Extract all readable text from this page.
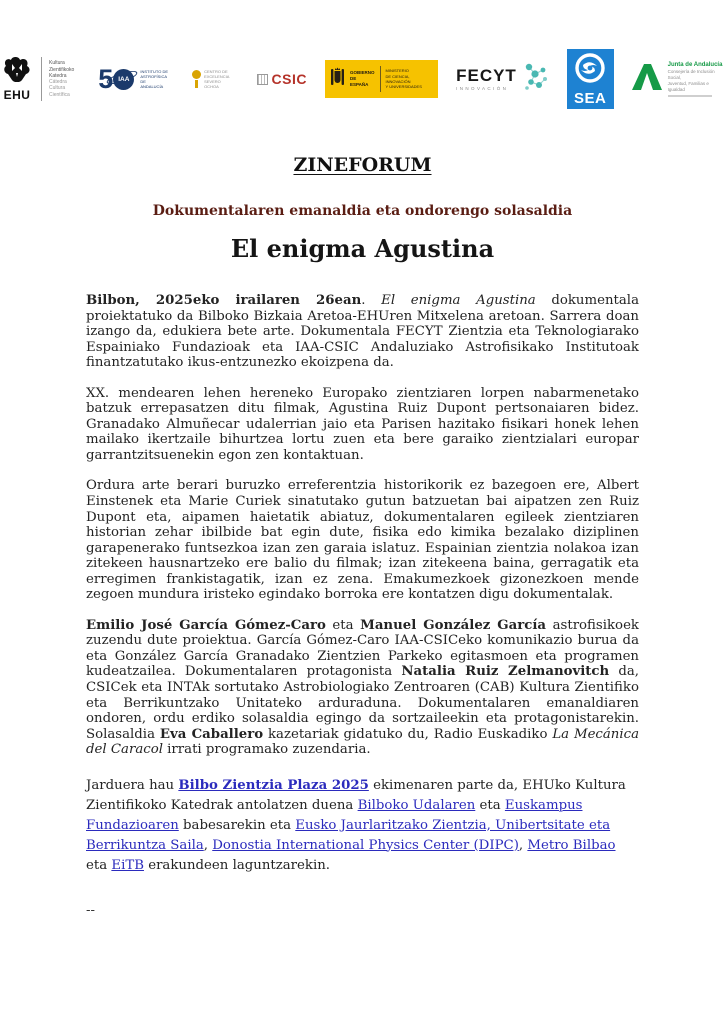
EHU
Kultura
Zientifikoko
Katedra
Cátedra
Cultura
Científica
5 IAA
INSTITUTO DE
ASTROFÍSICA DE
ANDALUCÍA
CENTRO DE
EXCELENCIA
SEVERO OCHOA	CSIC	GOBIERNO
DE ESPAÑA
MINISTERIO
DE CIENCIA, INNOVACIÓN
Y UNIVERSIDADES
FECYT
INNOVACIÓN
SEA
Junta de Andalucía
Consejería de Inclusión Social,
Juventud, Familias e Igualdad
ZINEFORUM
Dokumentalaren emanaldia eta ondorengo solasaldia
El enigma Agustina

Bilbon, 2025eko irailaren 26ean. El enigma Agustina dokumentala proiektatuko da Bilboko Bizkaia Aretoa-EHUren Mitxelena aretoan. Sarrera doan izango da, edukiera bete arte. Dokumentala FECYT Zientzia eta Teknologiarako Espainiako Fundazioak eta IAA-CSIC Andaluziako Astrofisikako Institutoak finantzatutako ikus-entzunezko ekoizpena da.

XX. mendearen lehen hereneko Europako zientziaren lorpen nabarmenetako batzuk errepasatzen ditu filmak, Agustina Ruiz Dupont pertsonaiaren bidez. Granadako Almuñecar udalerrian jaio eta Parisen hazitako fisikari honek lehen mailako ikertzaile bihurtzea lortu zuen eta bere garaiko zientzialari europar garrantzitsuenekin egon zen kontaktuan.

Ordura arte berari buruzko erreferentzia historikorik ez bazegoen ere, Albert Einstenek eta Marie Curiek sinatutako gutun batzuetan bai aipatzen zen Ruiz Dupont eta, aipamen haietatik abiatuz, dokumentalaren egileek zientziaren historian zehar ibilbide bat egin dute, fisika edo kimika bezalako diziplinen garapenerako funtsezkoa izan zen garaia islatuz. Espainian zientzia nolakoa izan zitekeen hausnartzeko ere balio du filmak; izan zitekeena baina, gerragatik eta erregimen frankistagatik, izan ez zena. Emakumezkoek gizonezkoen mende zegoen mundura iristeko egindako borroka ere kontatzen digu dokumentalak.

Emilio José García Gómez-Caro eta Manuel González García astrofisikoek zuzendu dute proiektua. García Gómez-Caro IAA-CSICeko komunikazio burua da eta González García Granadako Zientzien Parkeko egitasmoen eta programen kudeatzailea. Dokumentalaren protagonista Natalia Ruiz Zelmanovitch da, CSICek eta INTAk sortutako Astrobiologiako Zentroaren (CAB) Kultura Zientifiko eta Berrikuntzako Unitateko arduraduna. Dokumentalaren emanaldiaren ondoren, ordu erdiko solasaldia egingo da sortzaileekin eta protagonistarekin. Solasaldia Eva Caballero kazetariak gidatuko du, Radio Euskadiko La Mecánica del Caracol irrati programako zuzendaria.

Jarduera hau Bilbo Zientzia Plaza 2025 ekimenaren parte da, EHUko Kultura Zientifikoko Katedrak antolatzen duena Bilboko Udalaren eta Euskampus Fundazioaren babesarekin eta Eusko Jaurlaritzako Zientzia, Unibertsitate eta Berrikuntza Saila, Donostia International Physics Center (DIPC), Metro Bilbao eta EiTB erakundeen laguntzarekin.

--
